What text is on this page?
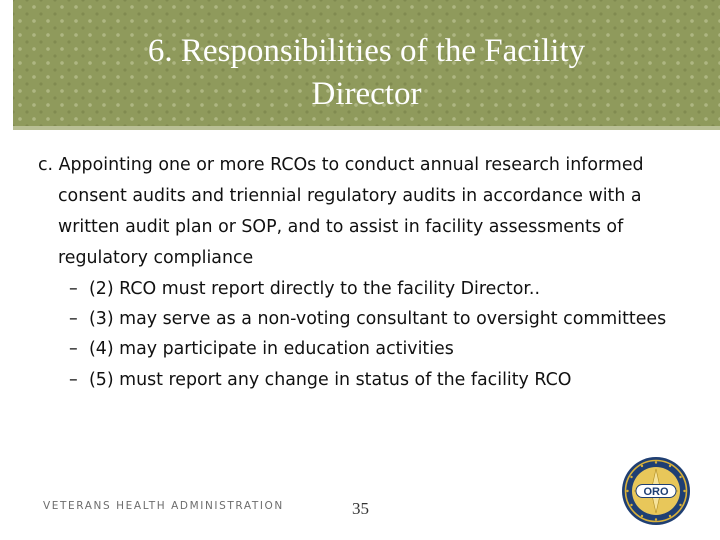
6. Responsibilities of the Facility
Director

c. Appointing one or more RCOs to conduct annual research informed consent audits and triennial regulatory audits in accordance with a written audit plan or SOP, and to assist in facility assessments of regulatory compliance

– (2) RCO must report directly to the facility Director..

– (3) may serve as a non-voting consultant to oversight committees

– (4) may participate in education activities

– (5) must report any change in status of the facility RCO

VETERANS HEALTH ADMINISTRATION	35
ORO
